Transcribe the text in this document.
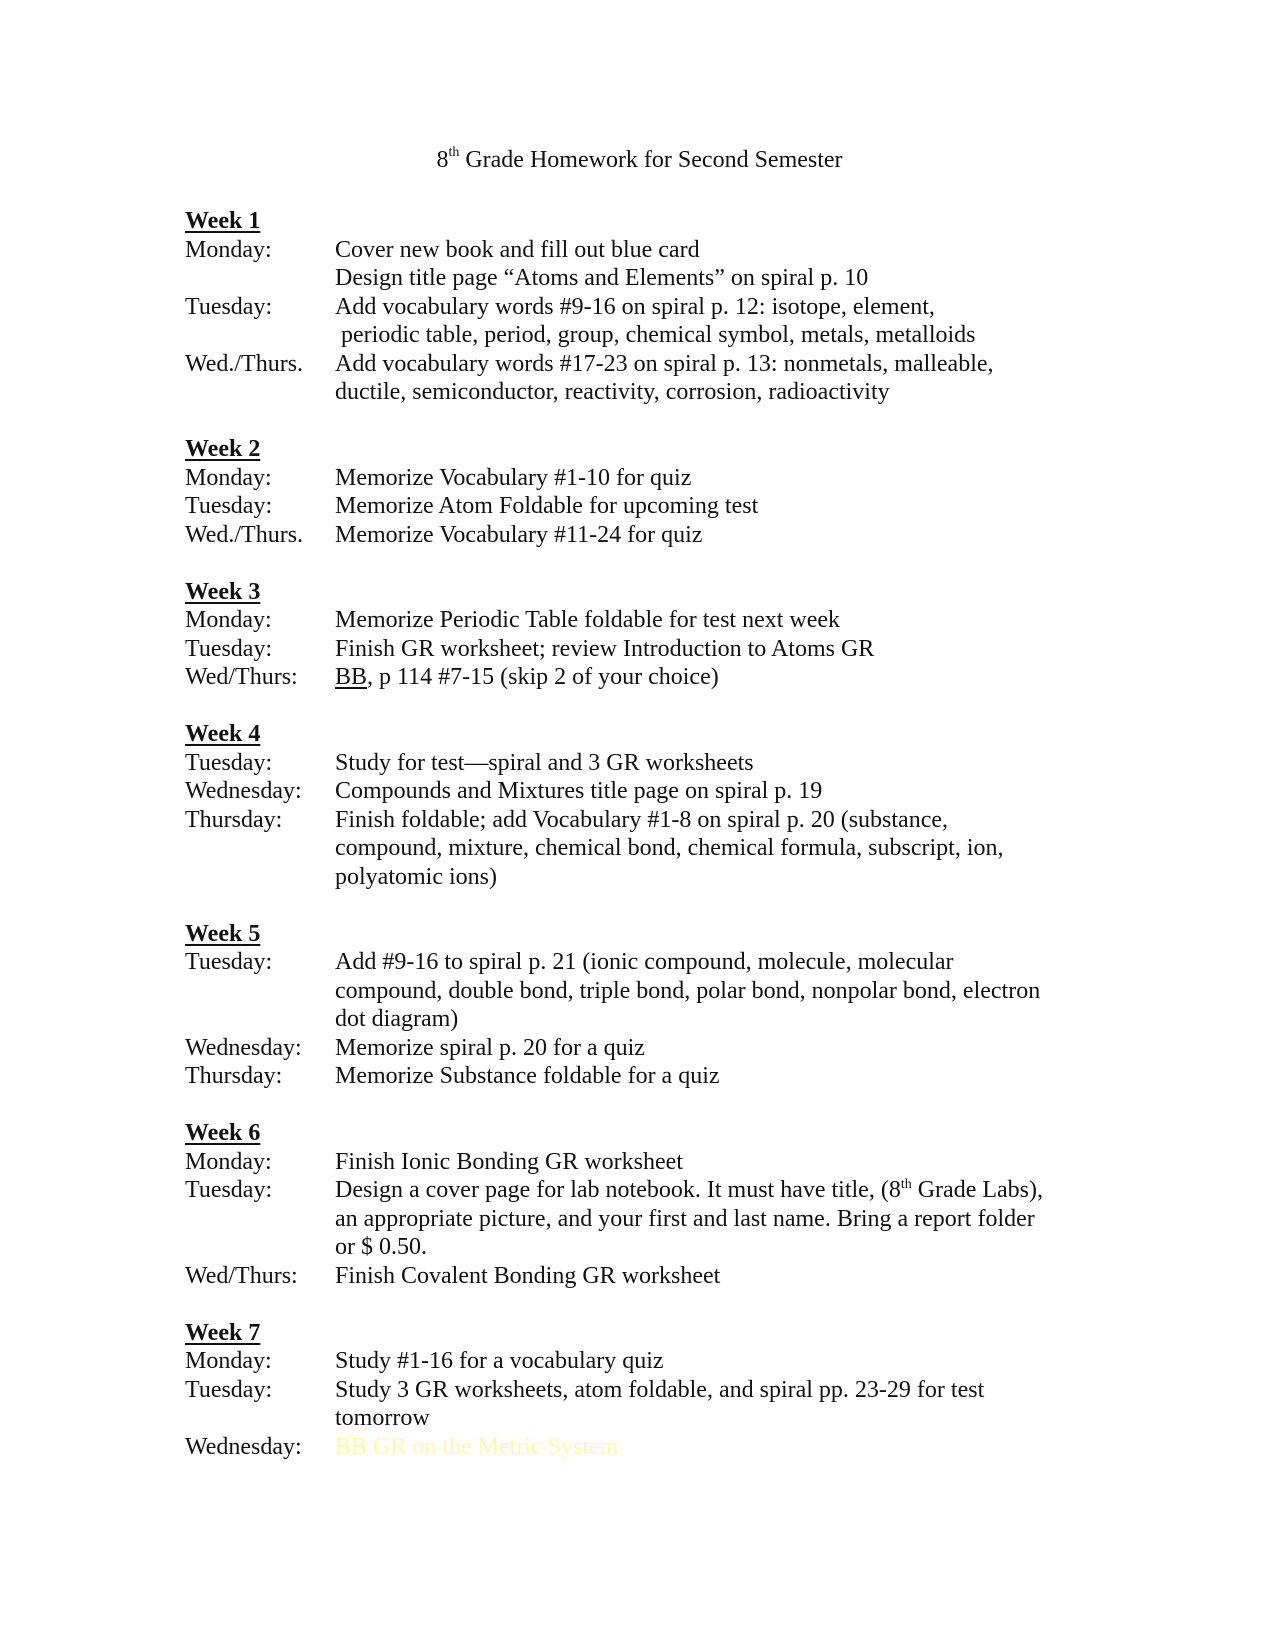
8th Grade Homework for Second Semester
Week 1
Monday:	Cover new book and fill out blue card
Design title page “Atoms and Elements” on spiral p. 10
Tuesday:	Add vocabulary words #9-16 on spiral p. 12: isotope, element,
periodic table, period, group, chemical symbol, metals, metalloids
Wed./Thurs.	Add vocabulary words #17-23 on spiral p. 13: nonmetals, malleable,
ductile, semiconductor, reactivity, corrosion, radioactivity
Week 2
Monday:	Memorize Vocabulary #1-10 for quiz
Tuesday:	Memorize Atom Foldable for upcoming test
Wed./Thurs.	Memorize Vocabulary #11-24 for quiz
Week 3
Monday:	Memorize Periodic Table foldable for test next week
Tuesday:	Finish GR worksheet; review Introduction to Atoms GR
Wed/Thurs:	BB, p 114 #7-15 (skip 2 of your choice)
Week 4
Tuesday:	Study for test—spiral and 3 GR worksheets
Wednesday:	Compounds and Mixtures title page on spiral p. 19
Thursday:	Finish foldable; add Vocabulary #1-8 on spiral p. 20 (substance,
compound, mixture, chemical bond, chemical formula, subscript, ion,
polyatomic ions)
Week 5
Tuesday:	Add #9-16 to spiral p. 21 (ionic compound, molecule, molecular
compound, double bond, triple bond, polar bond, nonpolar bond, electron
dot diagram)
Wednesday:	Memorize spiral p. 20 for a quiz
Thursday:	Memorize Substance foldable for a quiz
Week 6
Monday:	Finish Ionic Bonding GR worksheet
Tuesday:	Design a cover page for lab notebook. It must have title, (8th Grade Labs),
an appropriate picture, and your first and last name. Bring a report folder
or $ 0.50.
Wed/Thurs:	Finish Covalent Bonding GR worksheet
Week 7
Monday:	Study #1-16 for a vocabulary quiz
Tuesday:	Study 3 GR worksheets, atom foldable, and spiral pp. 23-29 for test
tomorrow
Wednesday:	BB GR on the Metric System
